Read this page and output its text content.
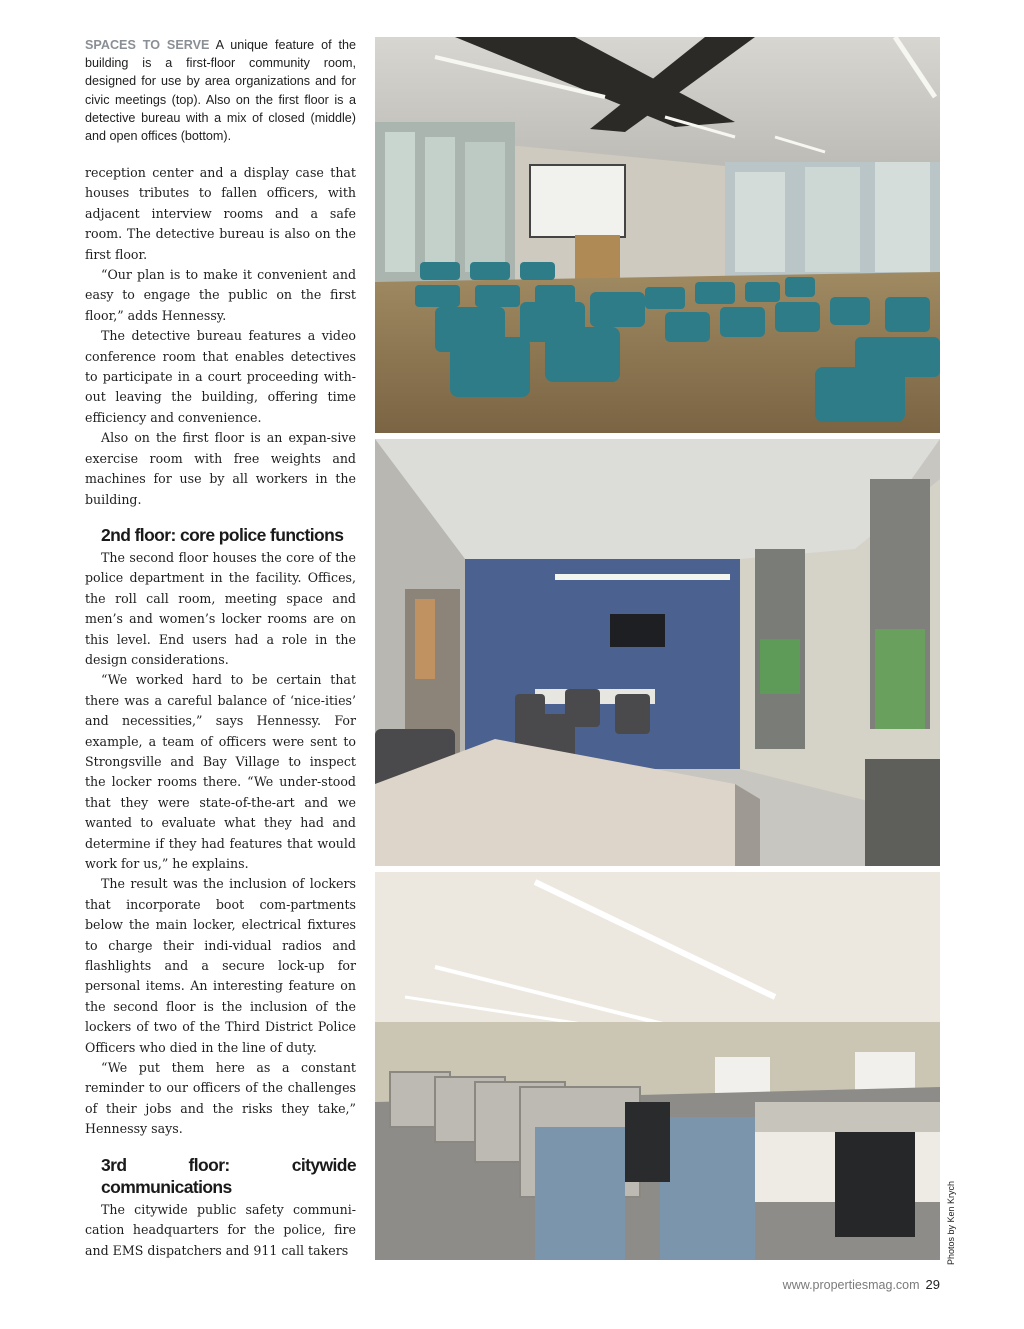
SPACES TO SERVE A unique feature of the building is a first-floor community room, designed for use by area organizations and for civic meetings (top). Also on the first floor is a detective bureau with a mix of closed (middle) and open offices (bottom).

reception center and a display case that houses tributes to fallen officers, with adjacent interview rooms and a safe room. The detective bureau is also on the first floor.

“Our plan is to make it convenient and easy to engage the public on the first floor,” adds Hennessy.

The detective bureau features a video conference room that enables detectives to participate in a court proceeding with-out leaving the building, offering time efficiency and convenience.

Also on the first floor is an expan-sive exercise room with free weights and machines for use by all workers in the building.

2nd floor: core police functions

The second floor houses the core of the police department in the facility. Offices, the roll call room, meeting space and men’s and women’s locker rooms are on this level. End users had a role in the design considerations.

“We worked hard to be certain that there was a careful balance of ‘nice-ities’ and necessities,” says Hennessy. For example, a team of officers were sent to Strongsville and Bay Village to inspect the locker rooms there. “We under-stood that they were state-of-the-art and we wanted to evaluate what they had and determine if they had features that would work for us,” he explains.

The result was the inclusion of lockers that incorporate boot com-partments below the main locker, electrical fixtures to charge their indi-vidual radios and flashlights and a secure lock-up for personal items. An interesting feature on the second floor is the inclusion of the lockers of two of the Third District Police Officers who died in the line of duty.

“We put them here as a constant reminder to our officers of the challenges of their jobs and the risks they take,” Hennessy says.

3rd floor: citywide communications

The citywide public safety communi-cation headquarters for the police, fire and EMS dispatchers and 911 call takers	Photos by Ken Krych
www.propertiesmag.com 29
